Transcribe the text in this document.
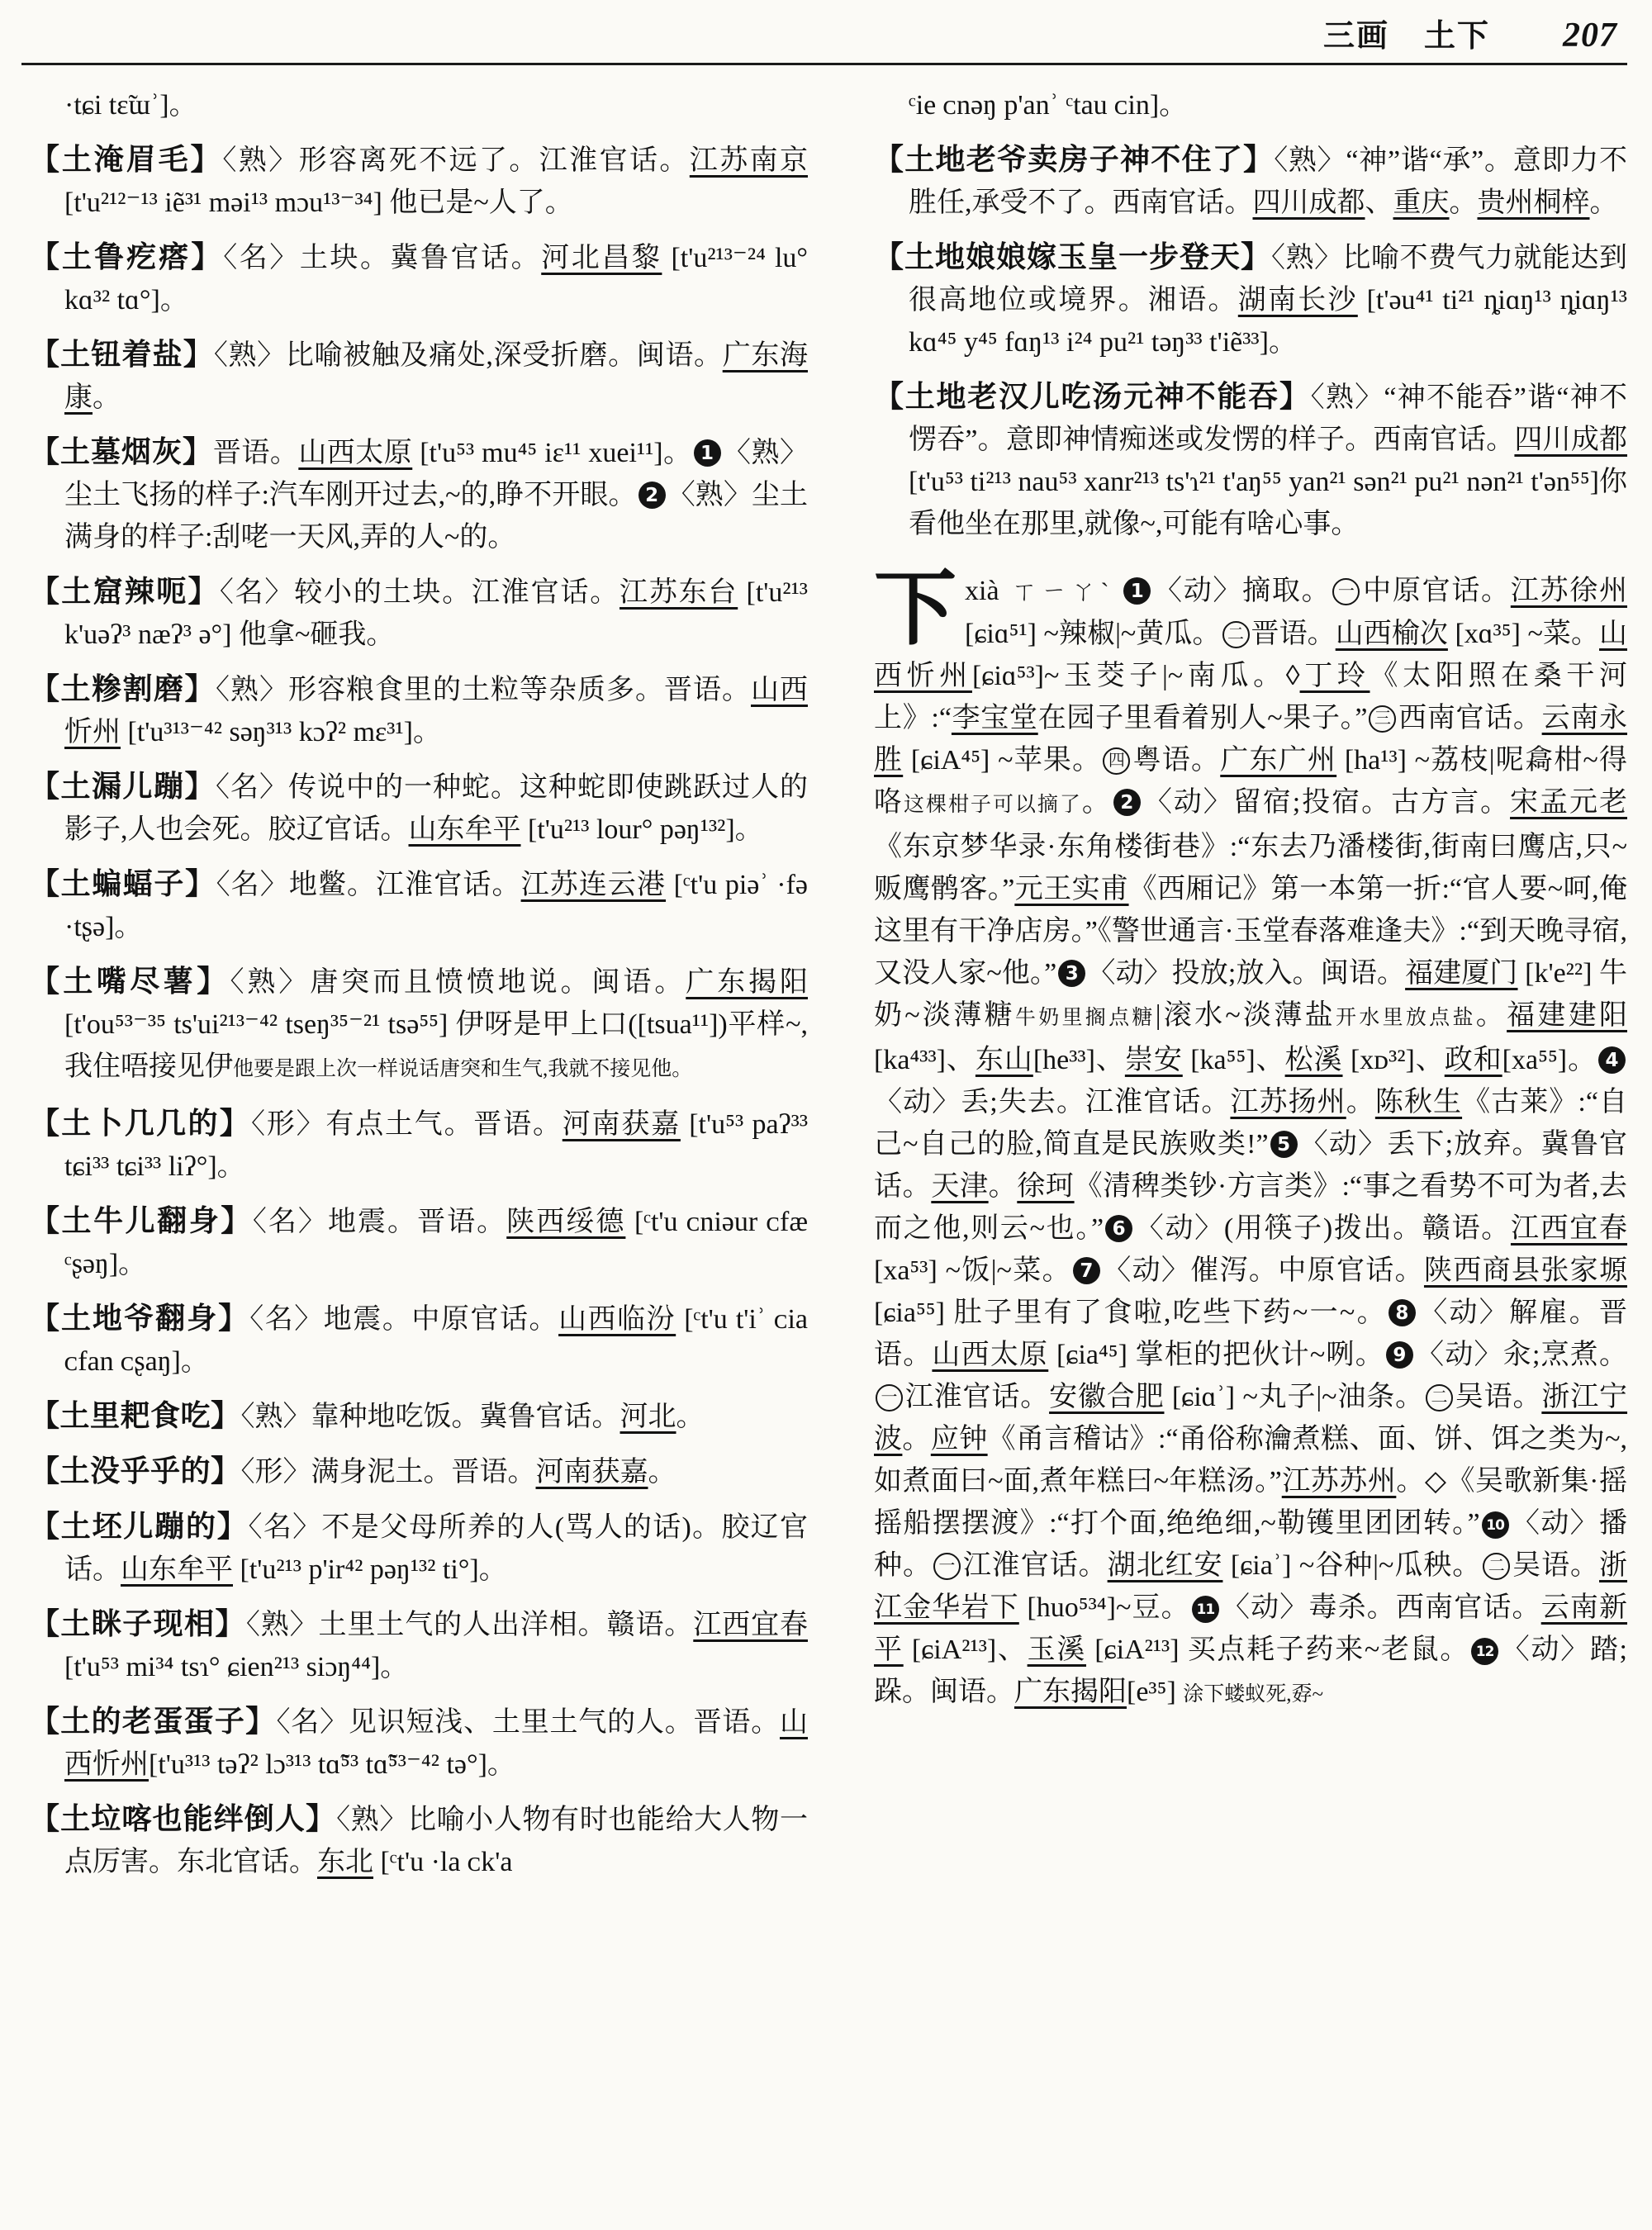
三画 土下 207
·tɕi tɛ̃ɯʾ]。
【土淹眉毛】〈熟〉形容离死不远了。江淮官话。江苏南京 [t'u²¹²⁻¹³ iẽ³¹ məi¹³ mɔu¹³⁻³⁴] 他已是~人了。
【土鲁疙瘩】〈名〉土块。冀鲁官话。河北昌黎 [t'u²¹³⁻²⁴ lu° kɑ³² tɑ°]。
【土钮着盐】〈熟〉比喻被触及痛处,深受折磨。闽语。广东海康。
【土墓烟灰】晋语。山西太原 [t'u⁵³ mu⁴⁵ iɛ¹¹ xuei¹¹]。 1 〈熟〉尘土飞扬的样子:汽车刚开过去,~的,睁不开眼。 2 〈熟〉尘土满身的样子:刮咾一天风,弄的人~的。
【土窟辣呃】〈名〉较小的土块。江淮官话。江苏东台 [t'u²¹³ k'uəʔ³ næʔ³ ə°] 他拿~砸我。
【土糁割磨】〈熟〉形容粮食里的土粒等杂质多。晋语。山西忻州 [t'u³¹³⁻⁴² səŋ³¹³ kɔʔ² mɛ³¹]。
【土漏儿蹦】〈名〉传说中的一种蛇。这种蛇即使跳跃过人的影子,人也会死。胶辽官话。山东牟平 [t'u²¹³ lour° pəŋ¹³²]。
【土蝙蝠子】〈名〉地鳖。江淮官话。江苏连云港 [ᶜt'u piəʾ ·fə ·tʂə]。
【土嘴尽薯】〈熟〉唐突而且愤愤地说。闽语。广东揭阳 [t'ou⁵³⁻³⁵ ts'ui²¹³⁻⁴² tseŋ³⁵⁻²¹ tsə⁵⁵] 伊呀是甲上口([tsua¹¹])平样~,我住唔接见伊他要是跟上次一样说话唐突和生气,我就不接见他。
【土卜几几的】〈形〉有点土气。晋语。河南获嘉 [t'u⁵³ paʔ³³ tɕi³³ tɕi³³ liʔ°]。
【土牛儿翻身】〈名〉地震。晋语。陕西绥德 [ᶜt'u ᴄniəur ᴄfæ ᶜʂəŋ]。
【土地爷翻身】〈名〉地震。中原官话。山西临汾 [ᶜt'u t'iʾ ᴄia ᴄfan ᴄʂaŋ]。
【土里耙食吃】〈熟〉靠种地吃饭。冀鲁官话。河北。
【土没乎乎的】〈形〉满身泥土。晋语。河南获嘉。
【土坯儿蹦的】〈名〉不是父母所养的人(骂人的话)。胶辽官话。山东牟平 [t'u²¹³ p'ir⁴² pəŋ¹³² ti°]。
【土眯子现相】〈熟〉土里土气的人出洋相。赣语。江西宜春[t'u⁵³ mi³⁴ tsɿ° ɕien²¹³ siɔŋ⁴⁴]。
【土的老蛋蛋子】〈名〉见识短浅、土里土气的人。晋语。山西忻州[t'u³¹³ təʔ² lɔ³¹³ tɑ̃⁵³ tɑ̃⁵³⁻⁴² tə°]。
【土垃喀也能绊倒人】〈熟〉比喻小人物有时也能给大人物一点厉害。东北官话。东北 [ᶜt'u ·la ᴄk'a
ᶜie ᴄnəŋ p'anʾ ᶜtau ᴄin]。
【土地老爷卖房子神不住了】〈熟〉“神”谐“承”。意即力不胜任,承受不了。西南官话。四川成都、重庆。贵州桐梓。
【土地娘娘嫁玉皇一步登天】〈熟〉比喻不费气力就能达到很高地位或境界。湘语。湖南长沙 [t'əu⁴¹ ti²¹ ȵiɑŋ¹³ ȵiɑŋ¹³ kɑ⁴⁵ y⁴⁵ fɑŋ¹³ i²⁴ pu²¹ təŋ³³ t'iẽ³³]。
【土地老汉儿吃汤元神不能吞】〈熟〉“神不能吞”谐“神不愣吞”。意即神情痴迷或发愣的样子。西南官话。四川成都 [t'u⁵³ ti²¹³ nau⁵³ xanr²¹³ ts'ɿ²¹ t'aŋ⁵⁵ yan²¹ sən²¹ pu²¹ nən²¹ t'ən⁵⁵]你看他坐在那里,就像~,可能有啥心事。
下xià ㄒㄧㄚˋ 1 〈动〉摘取。 一 中原官话。江苏徐州 [ɕiɑ⁵¹] ~辣椒|~黄瓜。 二 晋语。山西榆次 [xɑ³⁵] ~菜。山西忻州[ɕiɑ⁵³]~玉茭子|~南瓜。◊丁玲《太阳照在桑干河上》:“李宝堂在园子里看着别人~果子。” 三 西南官话。云南永胜 [ɕiA⁴⁵] ~苹果。 四 粤语。广东广州 [ha¹³] ~荔枝|呢樖柑~得咯这棵柑子可以摘了。 2 〈动〉留宿;投宿。古方言。宋孟元老《东京梦华录·东角楼街巷》:“东去乃潘楼街,街南曰鹰店,只~贩鹰鹘客。”元王实甫《西厢记》第一本第一折:“官人要~呵,俺这里有干净店房。”《警世通言·玉堂春落难逢夫》:“到天晚寻宿,又没人家~他。” 3 〈动〉投放;放入。闽语。福建厦门 [k'e²²] 牛奶~淡薄糖牛奶里搁点糖|滚水~淡薄盐开水里放点盐。福建建阳 [ka⁴³³]、东山[he³³]、崇安 [ka⁵⁵]、松溪 [xᴅ³²]、政和[xa⁵⁵]。 4〈动〉丢;失去。江淮官话。江苏扬州。陈秋生《古莱》:“自己~自己的脸,简直是民族败类!” 5 〈动〉丢下;放弃。冀鲁官话。天津。徐珂《清稗类钞·方言类》:“事之看势不可为者,去而之他,则云~也。” 6 〈动〉(用筷子)拨出。赣语。江西宜春 [xa⁵³] ~饭|~菜。 7 〈动〉催泻。中原官话。陕西商县张家塬 [ɕia⁵⁵] 肚子里有了食啦,吃些下药~一~。 8 〈动〉解雇。晋语。山西太原 [ɕia⁴⁵] 掌柜的把伙计~咧。 9 〈动〉汆;烹煮。一 江淮官话。安徽合肥 [ɕiɑʾ] ~丸子|~油条。 二 吴语。浙江宁波。应钟《甬言稽诂》:“甬俗称瀹煮糕、面、饼、饵之类为~,如煮面曰~面,煮年糕曰~年糕汤。”江苏苏州。◇《吴歌新集·摇摇船摆摆渡》:“打个面,绝绝细,~勒镬里团团转。” 10 〈动〉播种。 一 江淮官话。湖北红安 [ɕiaʾ] ~谷种|~瓜秧。 二 吴语。浙江金华岩下 [huo⁵³⁴]~豆。 11 〈动〉毒杀。西南官话。云南新平 [ɕiA²¹³]、玉溪 [ɕiA²¹³] 买点耗子药来~老鼠。 12 〈动〉踏;跺。闽语。广东揭阳[e³⁵] 涂下蝼蚁死,孬~
